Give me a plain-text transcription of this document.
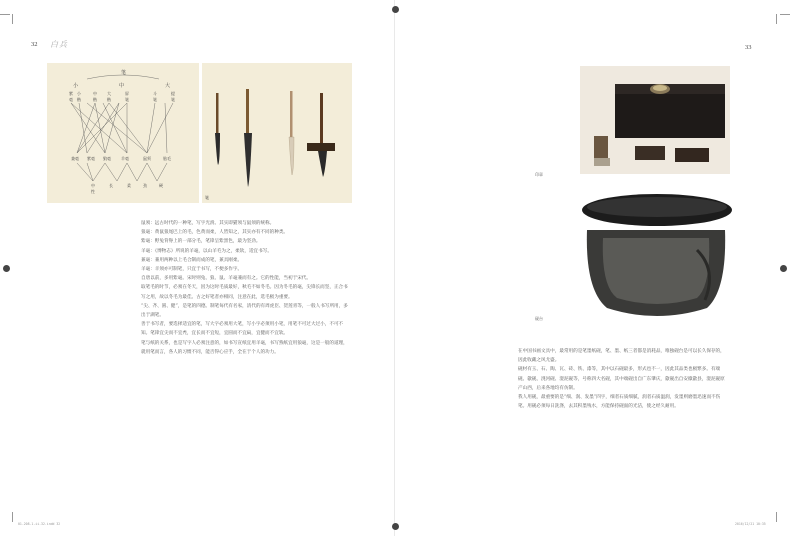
32 白兵
笔
小	中	大
紫 小	中	大	屏	斗	提
毫 楷	楷	楷	笔	笔	笔
兼毫 紫毫 狼毫	羊毫	鼠须	胎毛
中	长	柔	劲	硬
性
笔

鼠须：远古时代的一种笔，写字光滑。其实即猫须与鼠须的统称。

狼毫：黄鼠狼尾巴上的毛，色黄而柔，人皆知之，其实亦有不同的种类。

紫毫：野兔背脊上的一部分毛，笔锋呈紫黑色，最为坚劲。

羊毫：《博物志》所说的羊毫，以山羊毛为之，柔软，适宜书写。

兼毫：兼用两种以上毛合制而成的笔，兼具刚柔。

羊毫：羊须亦可制笔，只宜于书写，不便多作字。

自唐以前，多用紫毫。宋时则兔、狼、鼠、羊毫兼而有之。它的性能，当初于宋代。

取笔毛的时节，必须在冬天，因为这时毛质最好，秋毛不如冬毛。因为冬毛的毫，尖锋长而坚，正合书写之用，故以冬毛为最佳。古之好笔者亦相同，注意在此，选毛极为重要。

“尖、齐、圆、健”，是笔的四德。制笔每代有名家，清代的有周虎臣、贺莲青等，一般人书写所用，多出于湖笔。

善于书写者，要选择适宜的笔，写大字必须用大笔，写小字必须用小笔，用笔不可过大过小，不可不知。笔锋宜尖而不宜秃，宜长而不宜短，宜圆而不宜扁，宜健而不宜软。

笔与纸的关系，也是写字人必须注意的，如书写宣纸宜用羊毫，书写熟纸宜用狼毫，这是一般的道理，就用笔而言，各人的习惯不同，能否得心应手，全在于个人的功力。

01-208-1-ii-32.indd 32
33
印章
砚台

在中国书画文具中，最常用的是笔墨纸砚，笔、墨、纸三者都是消耗品，唯独砚台是可以长久保存的，因此收藏之风尤盛。

砚材有玉、石、陶、瓦、砖、铁、漆等，其中以石砚最多，形式也不一，因此其品类也极繁多。有端砚、歙砚、洮河砚、澄泥砚等，号称四大名砚，其中端砚出自广东肇庆，歙砚出自安徽歙县，澄泥砚原产山西，后来各地均有仿制。

我人用砚，最重要的是“细、润、发墨”四字，细者石质细腻，润者石质温润，发墨则磨墨迅速而不伤笔。用砚必须每日洗涤，去其积墨残水，方能保持砚面的光洁，使之经久耐用。

2016/12/21 10:35
